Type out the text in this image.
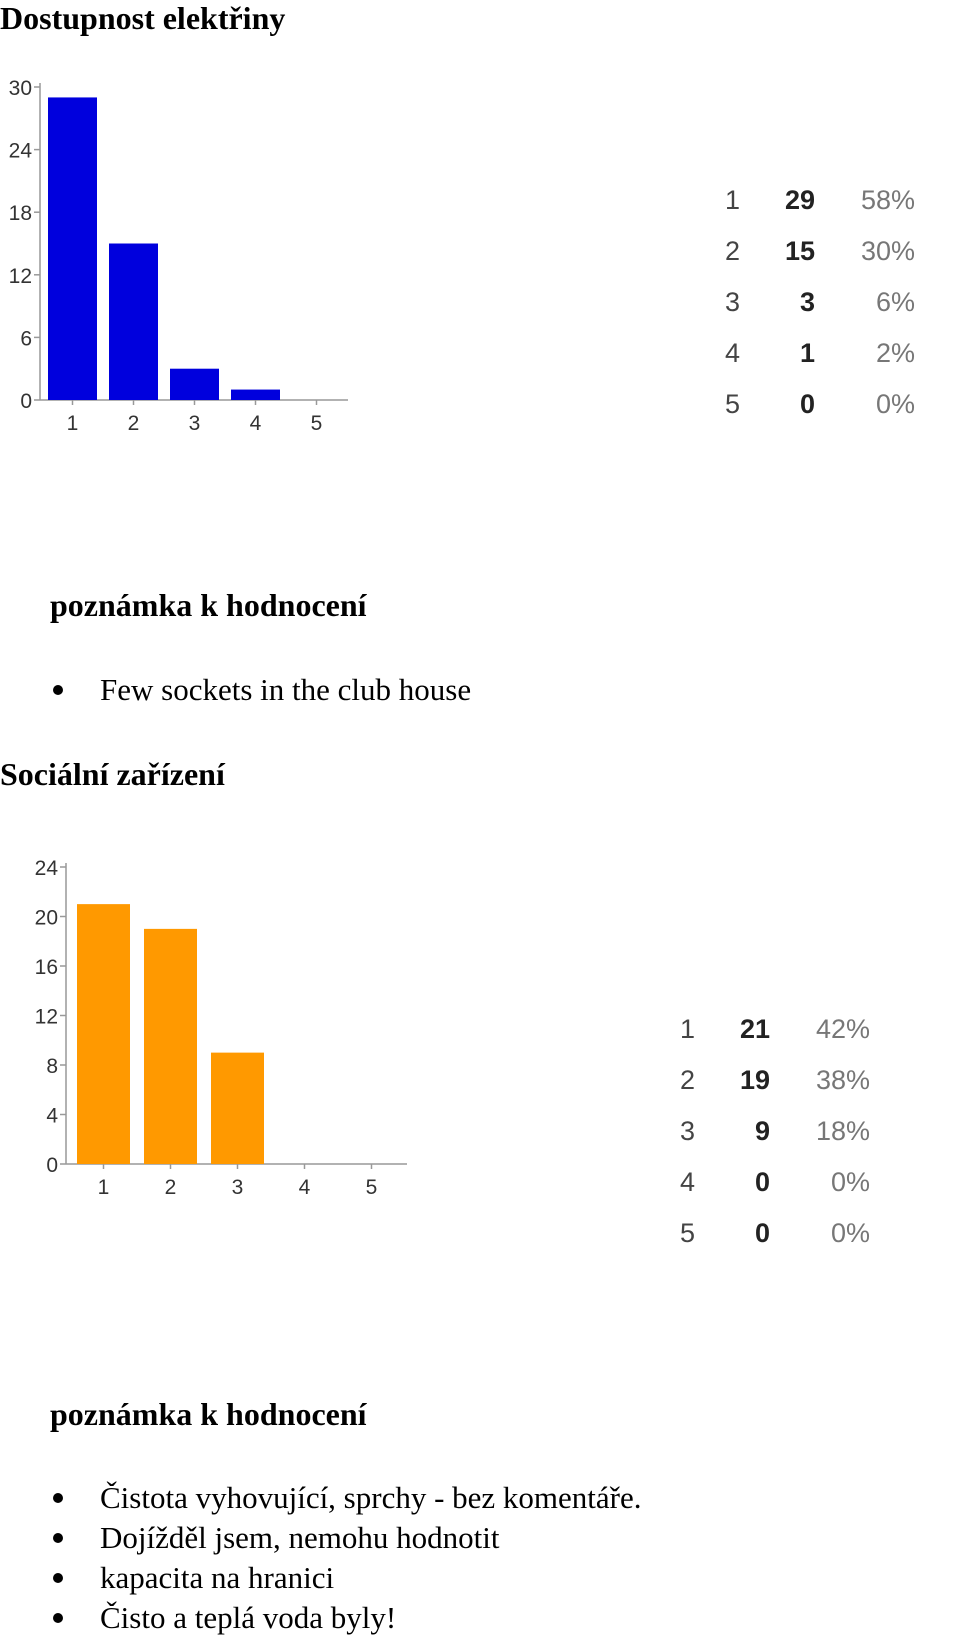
Dostupnost elektřiny
0
6
12
18
24
30
1 2 3 4 5
1	29	58%
2	15	30%
3	3	6%
4	1	2%
5	0	0%
poznámka k hodnocení
Few sockets in the club house
Sociální zařízení
0
4
8
12
16
20
24
1	2	3	4	5
1	21	42%
2	19	38%
3	9	18%
4	0	0%
5	0	0%
poznámka k hodnocení
Čistota vyhovující, sprchy - bez komentáře.
Dojížděl jsem, nemohu hodnotit
kapacita na hranici
Čisto a teplá voda byly!
